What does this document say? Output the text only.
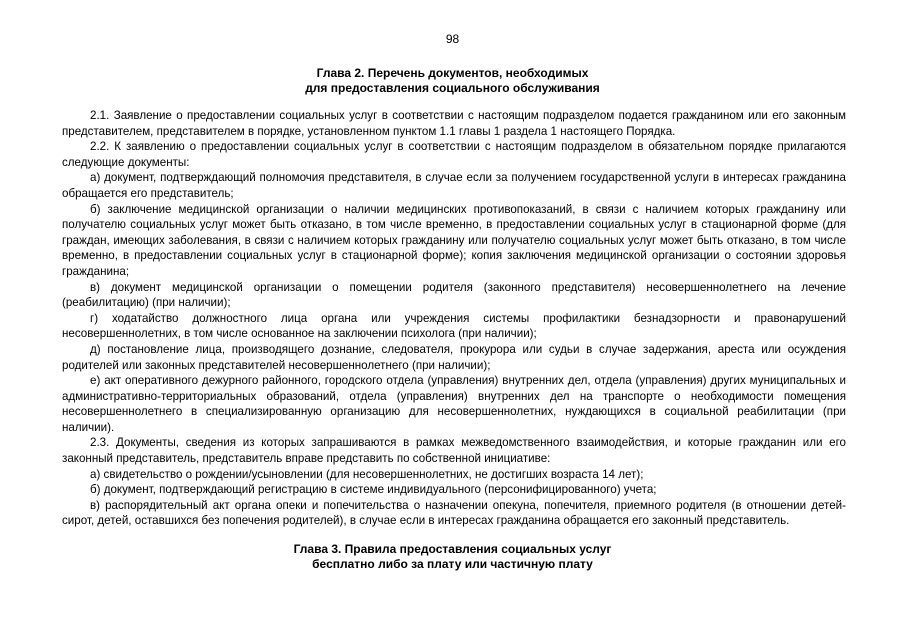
98
Глава 2. Перечень документов, необходимых
для предоставления социального обслуживания

2.1. Заявление о предоставлении социальных услуг в соответствии с настоящим подразделом подается гражданином или его законным представителем, представителем в порядке, установленном пунктом 1.1 главы 1 раздела 1 настоящего Порядка.

2.2. К заявлению о предоставлении социальных услуг в соответствии с настоящим подразделом в обязательном порядке прилагаются следующие документы:

а) документ, подтверждающий полномочия представителя, в случае если за получением государственной услуги в интересах гражданина обращается его представитель;

б) заключение медицинской организации о наличии медицинских противопоказаний, в связи с наличием которых гражданину или получателю социальных услуг может быть отказано, в том числе временно, в предоставлении социальных услуг в стационарной форме (для граждан, имеющих заболевания, в связи с наличием которых гражданину или получателю социальных услуг может быть отказано, в том числе временно, в предоставлении социальных услуг в стационарной форме); копия заключения медицинской организации о состоянии здоровья гражданина;

в) документ медицинской организации о помещении родителя (законного представителя) несовершеннолетнего на лечение (реабилитацию) (при наличии);

г) ходатайство должностного лица органа или учреждения системы профилактики безнадзорности и правонарушений несовершеннолетних, в том числе основанное на заключении психолога (при наличии);

д) постановление лица, производящего дознание, следователя, прокурора или судьи в случае задержания, ареста или осуждения родителей или законных представителей несовершеннолетнего (при наличии);

е) акт оперативного дежурного районного, городского отдела (управления) внутренних дел, отдела (управления) других муниципальных и административно-территориальных образований, отдела (управления) внутренних дел на транспорте о необходимости помещения несовершеннолетнего в специализированную организацию для несовершеннолетних, нуждающихся в социальной реабилитации (при наличии).

2.3. Документы, сведения из которых запрашиваются в рамках межведомственного взаимодействия, и которые гражданин или его законный представитель, представитель вправе представить по собственной инициативе:

а) свидетельство о рождении/усыновлении (для несовершеннолетних, не достигших возраста 14 лет);

б) документ, подтверждающий регистрацию в системе индивидуального (персонифицированного) учета;

в) распорядительный акт органа опеки и попечительства о назначении опекуна, попечителя, приемного родителя (в отношении детей-сирот, детей, оставшихся без попечения родителей), в случае если в интересах гражданина обращается его законный представитель.

Глава 3. Правила предоставления социальных услуг
бесплатно либо за плату или частичную плату
